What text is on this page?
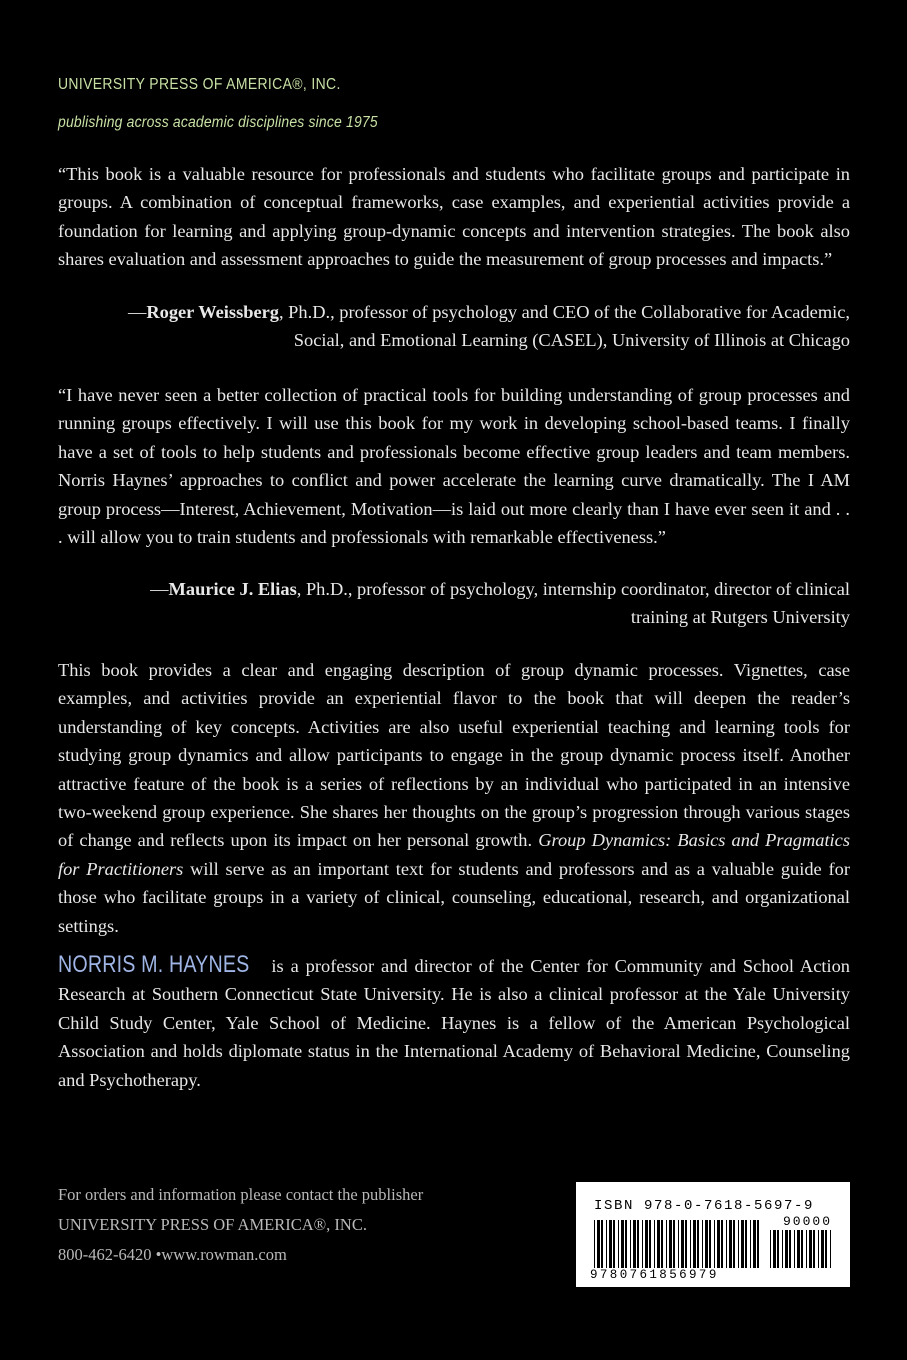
UNIVERSITY PRESS OF AMERICA®, INC.
publishing across academic disciplines since 1975

“This book is a valuable resource for professionals and students who facilitate groups and participate in groups. A combination of conceptual frameworks, case examples, and experiential activities provide a foundation for learning and applying group-dynamic concepts and intervention strategies. The book also shares evaluation and assessment approaches to guide the measurement of group processes and impacts.”

—Roger Weissberg, Ph.D., professor of psychology and CEO of the Collaborative for Academic, Social, and Emotional Learning (CASEL), University of Illinois at Chicago

“I have never seen a better collection of practical tools for building understanding of group processes and running groups effectively. I will use this book for my work in developing school-based teams. I finally have a set of tools to help students and professionals become effective group leaders and team members. Norris Haynes’ approaches to conflict and power accelerate the learning curve dramatically. The I AM group process—Interest, Achievement, Motivation—is laid out more clearly than I have ever seen it and . . . will allow you to train students and professionals with remarkable effectiveness.”

—Maurice J. Elias, Ph.D., professor of psychology, internship coordinator, director of clinical training at Rutgers University

This book provides a clear and engaging description of group dynamic processes. Vignettes, case examples, and activities provide an experiential flavor to the book that will deepen the reader’s understanding of key concepts. Activities are also useful experiential teaching and learning tools for studying group dynamics and allow participants to engage in the group dynamic process itself. Another attractive feature of the book is a series of reflections by an individual who participated in an intensive two-weekend group experience. She shares her thoughts on the group’s progression through various stages of change and reflects upon its impact on her personal growth. Group Dynamics: Basics and Pragmatics for Practitioners will serve as an important text for students and professors and as a valuable guide for those who facilitate groups in a variety of clinical, counseling, educational, research, and organizational settings.

NORRIS M. HAYNES is a professor and director of the Center for Community and School Action Research at Southern Connecticut State University. He is also a clinical professor at the Yale University Child Study Center, Yale School of Medicine. Haynes is a fellow of the American Psychological Association and holds diplomate status in the International Academy of Behavioral Medicine, Counseling and Psychotherapy.

For orders and information please contact the publisher
UNIVERSITY PRESS OF AMERICA®, INC.
800-462-6420 •www.rowman.com
ISBN 978-0-7618-5697-9
90000
9780761856979
